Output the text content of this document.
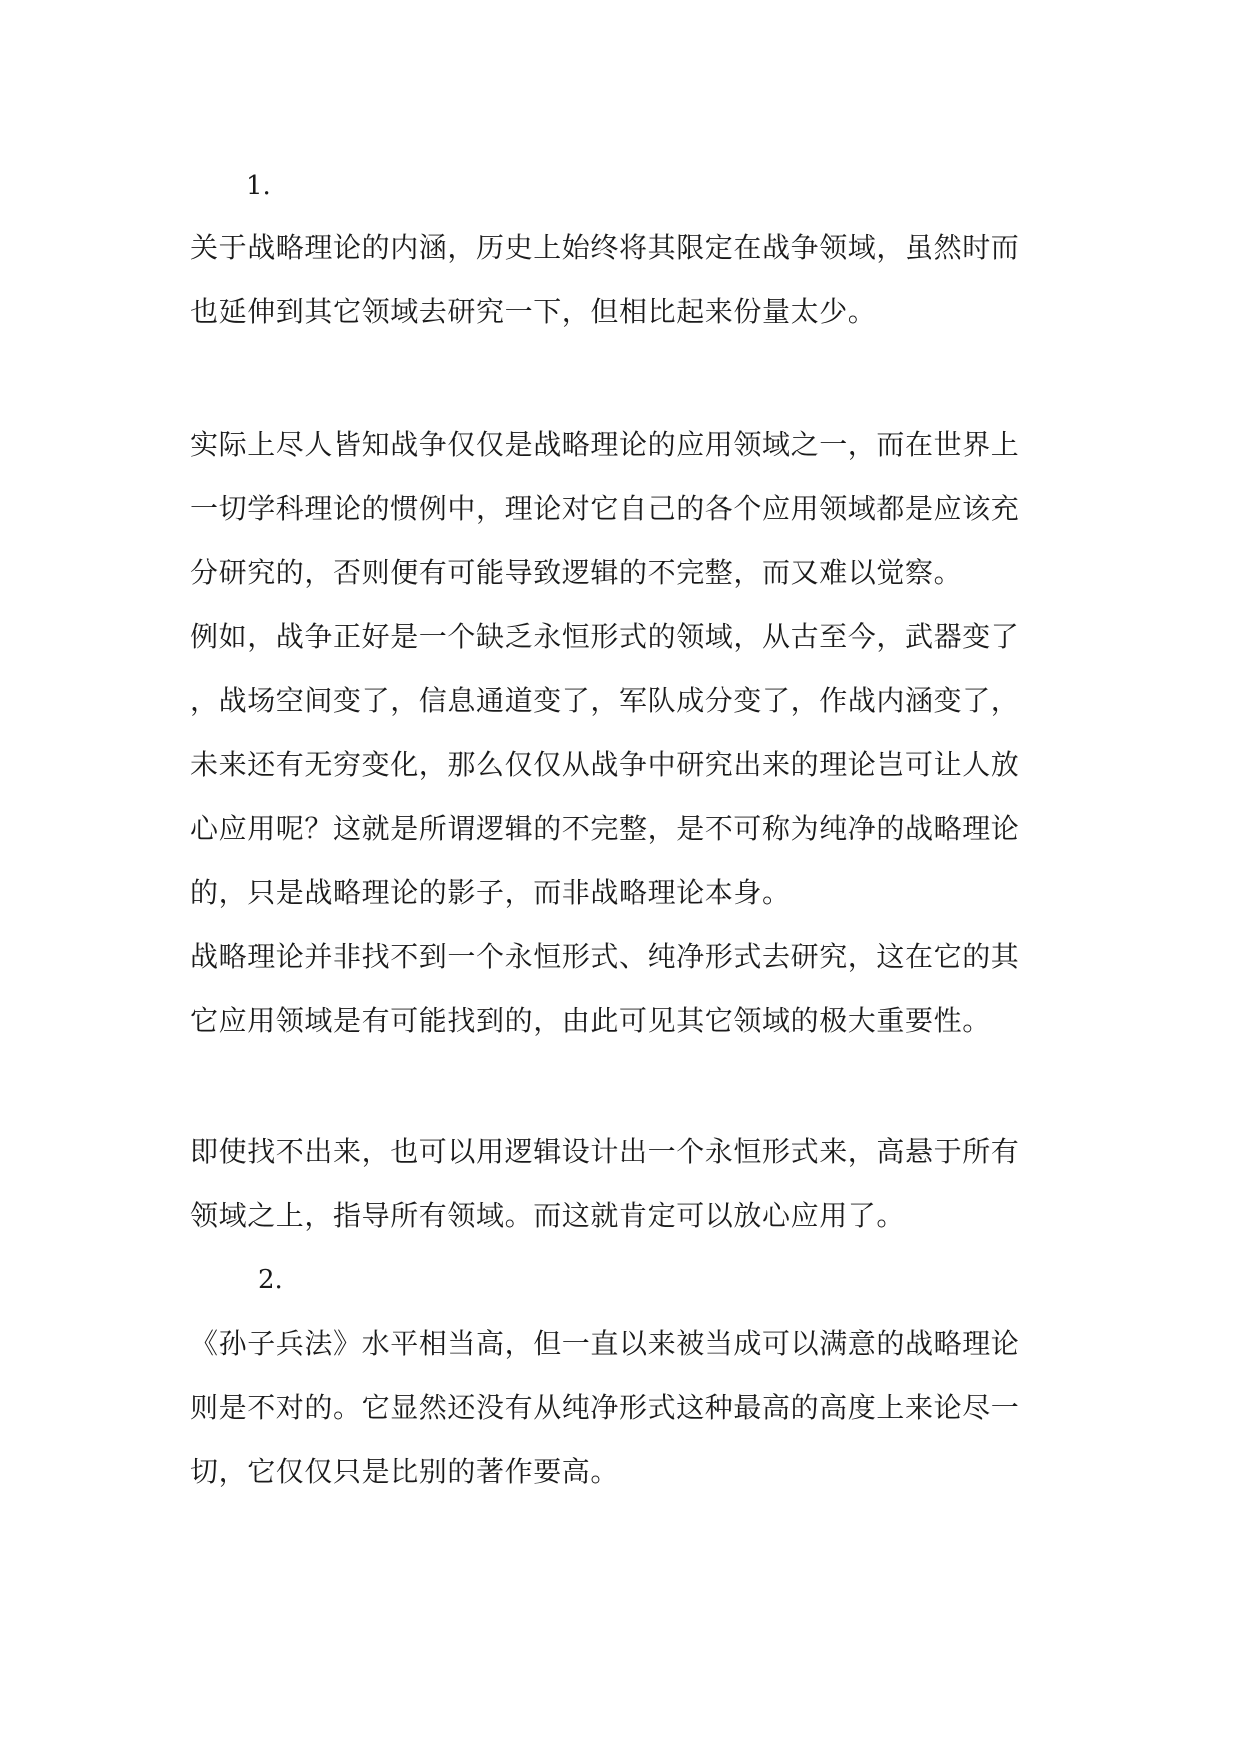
1.
关于战略理论的内涵，历史上始终将其限定在战争领域，虽然时而
也延伸到其它领域去研究一下，但相比起来份量太少。
实际上尽人皆知战争仅仅是战略理论的应用领域之一，而在世界上
一切学科理论的惯例中，理论对它自己的各个应用领域都是应该充
分研究的，否则便有可能导致逻辑的不完整，而又难以觉察。
例如，战争正好是一个缺乏永恒形式的领域，从古至今，武器变了
，战场空间变了，信息通道变了，军队成分变了，作战内涵变了，
未来还有无穷变化，那么仅仅从战争中研究出来的理论岂可让人放
心应用呢？这就是所谓逻辑的不完整，是不可称为纯净的战略理论
的，只是战略理论的影子，而非战略理论本身。
战略理论并非找不到一个永恒形式、纯净形式去研究，这在它的其
它应用领域是有可能找到的，由此可见其它领域的极大重要性。
即使找不出来，也可以用逻辑设计出一个永恒形式来，高悬于所有
领域之上，指导所有领域。而这就肯定可以放心应用了。
2.
《孙子兵法》水平相当高，但一直以来被当成可以满意的战略理论
则是不对的。它显然还没有从纯净形式这种最高的高度上来论尽一
切，它仅仅只是比别的著作要高。
